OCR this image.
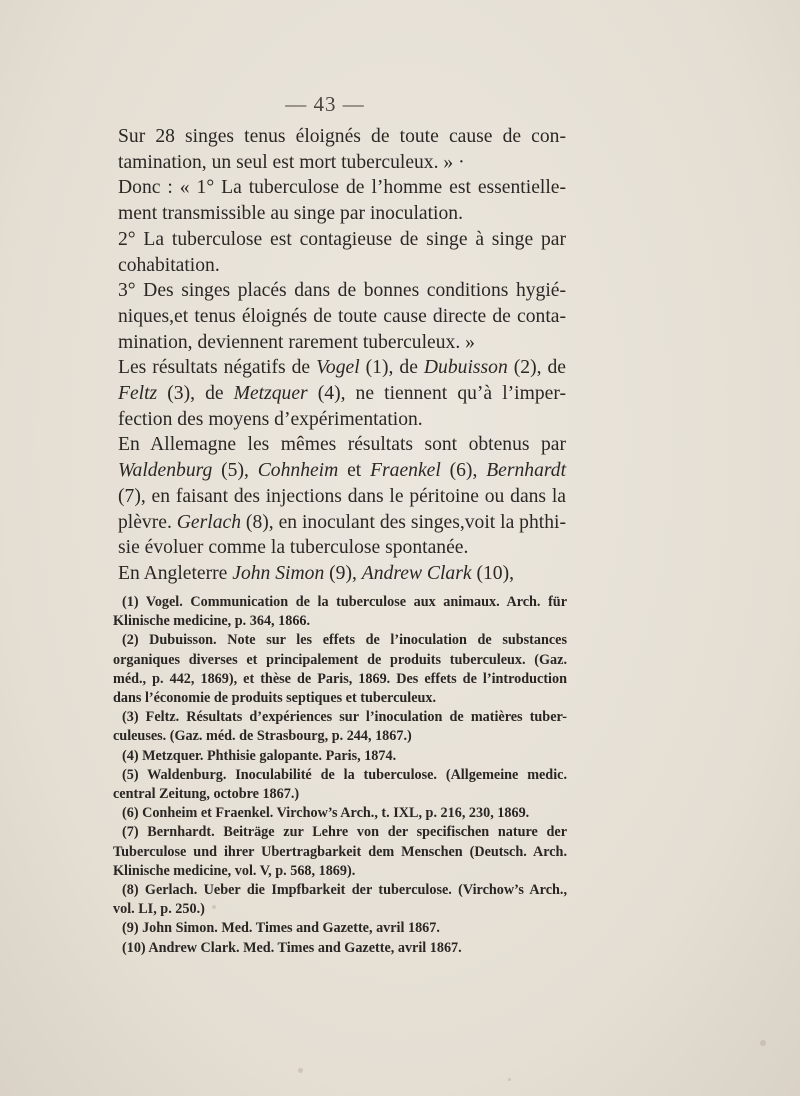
— 43 —

Sur 28 singes tenus éloignés de toute cause de con-tamination, un seul est mort tuberculeux. » ·

Donc : « 1° La tuberculose de l’homme est essentielle-ment transmissible au singe par inoculation.

2° La tuberculose est contagieuse de singe à singe par cohabitation.

3° Des singes placés dans de bonnes conditions hygié-niques,et tenus éloignés de toute cause directe de conta-mination, deviennent rarement tuberculeux. »

Les résultats négatifs de Vogel (1), de Dubuisson (2), de Feltz (3), de Metzquer (4), ne tiennent qu’à l’imper-fection des moyens d’expérimentation.

En Allemagne les mêmes résultats sont obtenus par Waldenburg (5), Cohnheim et Fraenkel (6), Bernhardt (7), en faisant des injections dans le péritoine ou dans la plèvre. Gerlach (8), en inoculant des singes,voit la phthi-sie évoluer comme la tuberculose spontanée.

En Angleterre John Simon (9), Andrew Clark (10),

(1) Vogel. Communication de la tuberculose aux animaux. Arch. für Klinische medicine, p. 364, 1866.

(2) Dubuisson. Note sur les effets de l’inoculation de substances organiques diverses et principalement de produits tuberculeux. (Gaz. méd., p. 442, 1869), et thèse de Paris, 1869. Des effets de l’introduction dans l’économie de produits septiques et tuberculeux.

(3) Feltz. Résultats d’expériences sur l’inoculation de matières tuber-culeuses. (Gaz. méd. de Strasbourg, p. 244, 1867.)

(4) Metzquer. Phthisie galopante. Paris, 1874.

(5) Waldenburg. Inoculabilité de la tuberculose. (Allgemeine medic. central Zeitung, octobre 1867.)

(6) Conheim et Fraenkel. Virchow’s Arch., t. IXL, p. 216, 230, 1869.

(7) Bernhardt. Beiträge zur Lehre von der specifischen nature der Tuberculose und ihrer Ubertragbarkeit dem Menschen (Deutsch. Arch. Klinische medicine, vol. V, p. 568, 1869).

(8) Gerlach. Ueber die Impfbarkeit der tuberculose. (Virchow’s Arch., vol. LI, p. 250.)

(9) John Simon. Med. Times and Gazette, avril 1867.

(10) Andrew Clark. Med. Times and Gazette, avril 1867.
